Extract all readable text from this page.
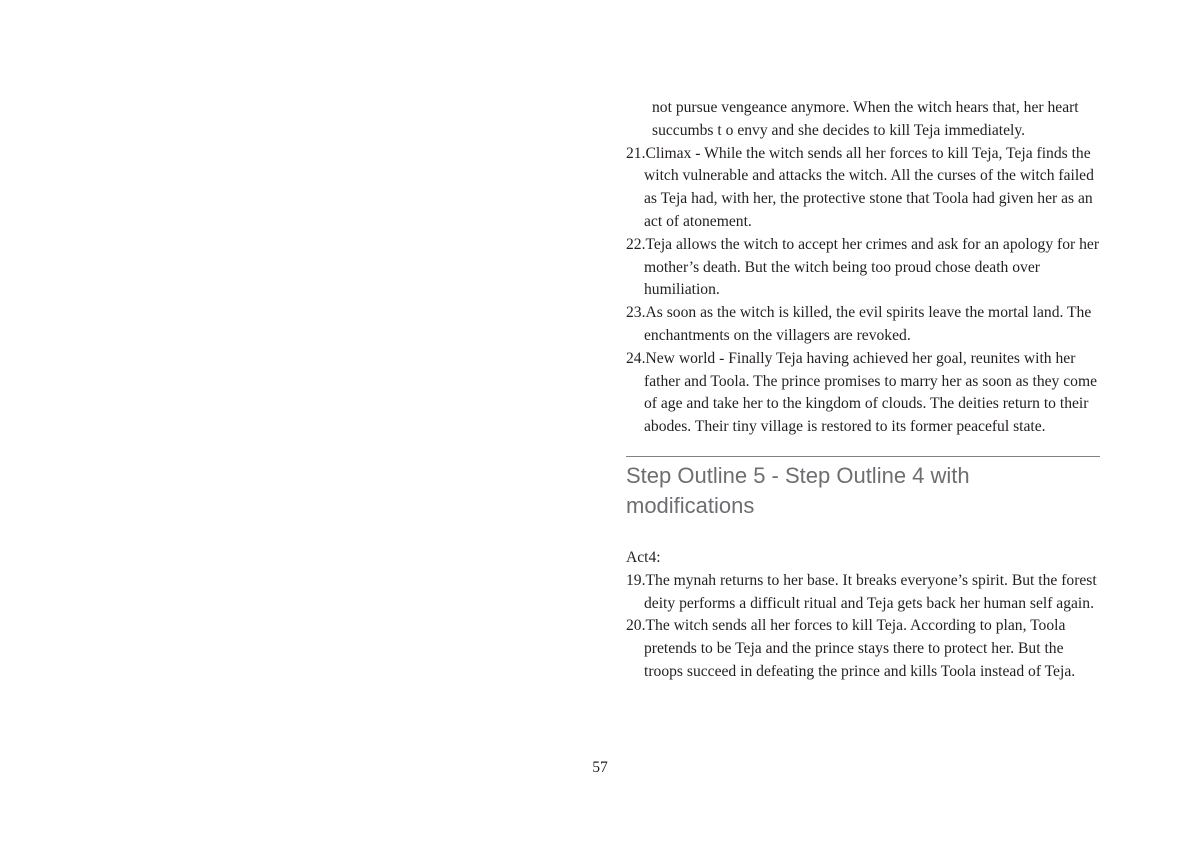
not pursue vengeance anymore. When the witch hears that, her heart succumbs t o envy and she decides to kill Teja immediately.

21.Climax - While the witch sends all her forces to kill Teja, Teja finds the witch vulnerable and attacks the witch. All the curses of the witch failed as Teja had, with her, the protective stone that Toola had given her as an act of atonement.

22.Teja allows the witch to accept her crimes and ask for an apology for her mother’s death. But the witch being too proud chose death over humiliation.

23.As soon as the witch is killed, the evil spirits leave the mortal land. The enchantments on the villagers are revoked.

24.New world - Finally Teja having achieved her goal, reunites with her father and Toola. The prince promises to marry her as soon as they come of age and take her to the kingdom of clouds. The deities return to their abodes. Their tiny village is restored to its former peaceful state.

Step Outline 5 - Step Outline 4 with modifications

Act4:

19.The mynah returns to her base. It breaks everyone’s spirit. But the forest deity performs a difficult ritual and Teja gets back her human self again.

20.The witch sends all her forces to kill Teja. According to plan, Toola pretends to be Teja and the prince stays there to protect her. But the troops succeed in defeating the prince and kills Toola instead of Teja.

57
